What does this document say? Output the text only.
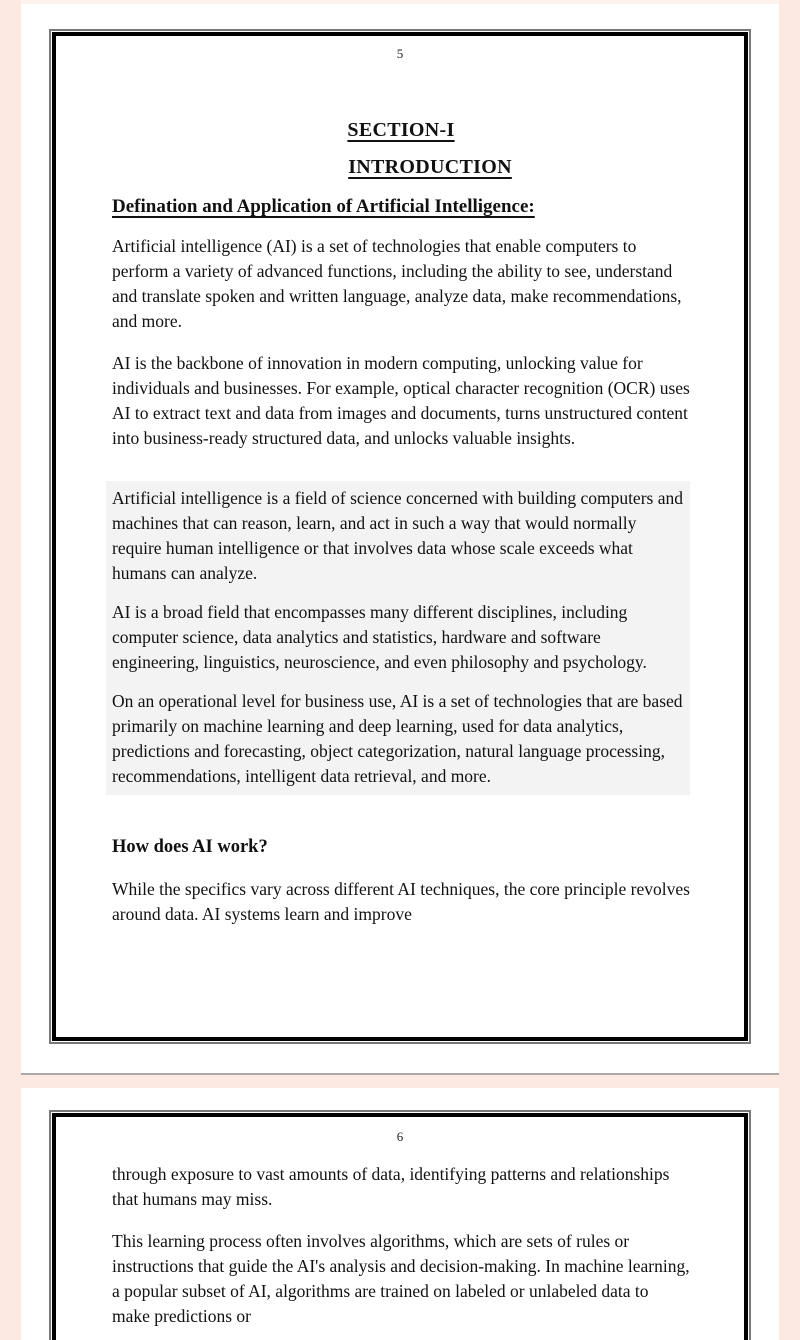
5
SECTION-I
INTRODUCTION
Defination and Application of Artificial Intelligence:

Artificial intelligence (AI) is a set of technologies that enable computers to perform a variety of advanced functions, including the ability to see, understand and translate spoken and written language, analyze data, make recommendations, and more.

AI is the backbone of innovation in modern computing, unlocking value for individuals and businesses. For example, optical character recognition (OCR) uses AI to extract text and data from images and documents, turns unstructured content into business-ready structured data, and unlocks valuable insights.

Artificial intelligence is a field of science concerned with building computers and machines that can reason, learn, and act in such a way that would normally require human intelligence or that involves data whose scale exceeds what humans can analyze.

AI is a broad field that encompasses many different disciplines, including computer science, data analytics and statistics, hardware and software engineering, linguistics, neuroscience, and even philosophy and psychology.

On an operational level for business use, AI is a set of technologies that are based primarily on machine learning and deep learning, used for data analytics, predictions and forecasting, object categorization, natural language processing, recommendations, intelligent data retrieval, and more.

How does AI work?

While the specifics vary across different AI techniques, the core principle revolves around data. AI systems learn and improve

6

through exposure to vast amounts of data, identifying patterns and relationships that humans may miss.

This learning process often involves algorithms, which are sets of rules or instructions that guide the AI's analysis and decision-making. In machine learning, a popular subset of AI, algorithms are trained on labeled or unlabeled data to make predictions or
